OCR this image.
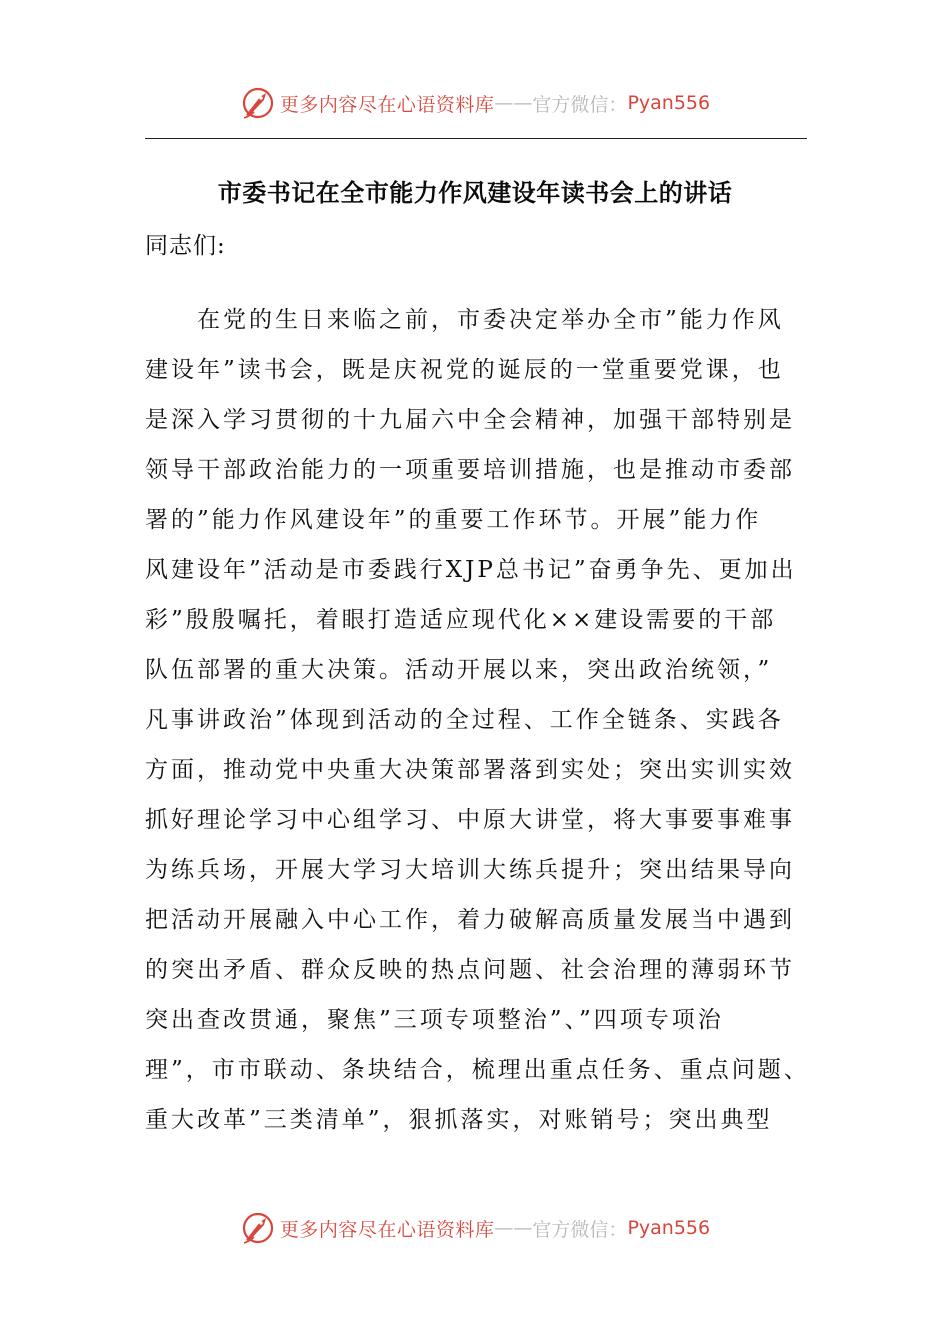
更多内容尽在心语资料库 —— 官方微信： Pyan556
市委书记在全市能力作风建设年读书会上的讲话
同志们:
　　在党的生日来临之前，市委决定举办全市”能力作风
建设年”读书会，既是庆祝党的诞辰的一堂重要党课，也
是深入学习贯彻的十九届六中全会精神，加强干部特别是
领导干部政治能力的一项重要培训措施，也是推动市委部
署的”能力作风建设年”的重要工作环节。开展”能力作
风建设年”活动是市委践行XJP总书记”奋勇争先、更加出
彩”殷殷嘱托，着眼打造适应现代化××建设需要的干部
队伍部署的重大决策。活动开展以来，突出政治统领，”
凡事讲政治”体现到活动的全过程、工作全链条、实践各
方面，推动党中央重大决策部署落到实处；突出实训实效
抓好理论学习中心组学习、中原大讲堂，将大事要事难事
为练兵场，开展大学习大培训大练兵提升；突出结果导向
把活动开展融入中心工作，着力破解高质量发展当中遇到
的突出矛盾、群众反映的热点问题、社会治理的薄弱环节
突出查改贯通，聚焦”三项专项整治”、”四项专项治
理”，市市联动、条块结合，梳理出重点任务、重点问题、
重大改革”三类清单”，狠抓落实，对账销号；突出典型
更多内容尽在心语资料库 —— 官方微信： Pyan556
